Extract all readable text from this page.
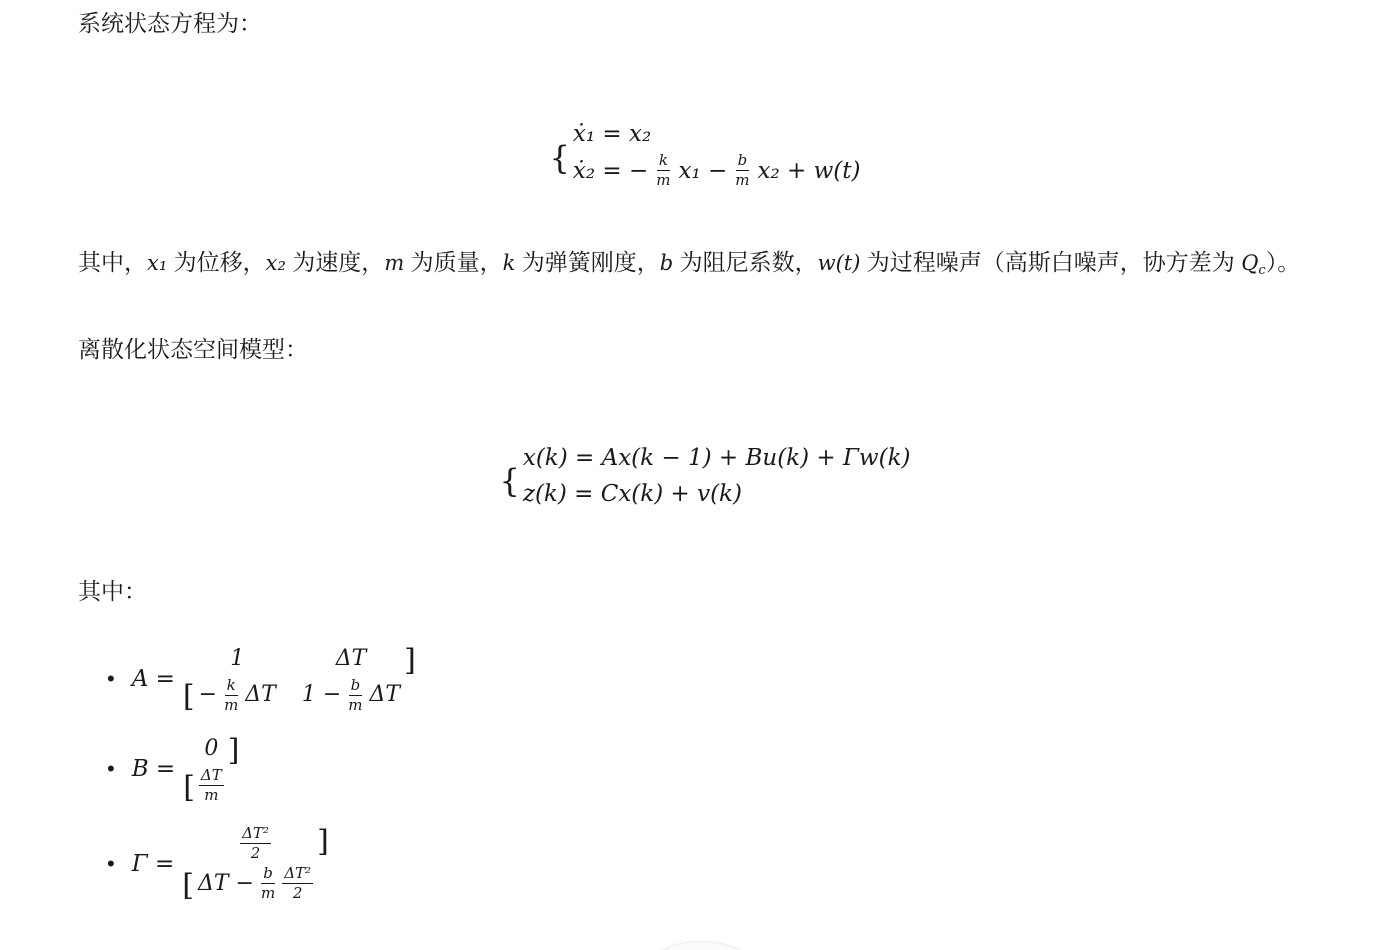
系统状态方程为：

{
ẋ₁ = x₂
ẋ₂ = − $\frac{k}{m} x_1 - \frac{b}{m} x_2 + w(t)$

其中，x₁ 为位移，x₂ 为速度，m 为质量，k 为弹簧刚度，b 为阻尼系数，w(t) 为过程噪声（高斯白噪声，协方差为 $Q_c$）。

离散化状态空间模型：

{
x(k) = Ax(k − 1) + Bu(k) + Γw(k)
z(k) = Cx(k) + v(k)

其中：

• A =
[
1	ΔT
− $\frac{k}{m}$ ΔT $1 - \frac{b}{m}$ ΔT
]
• B =
[
0
$\frac{\Delta T}{m}$
]
• Γ =
[
$\frac{\text{ΔT²}}{2}$
$\Delta T - \frac{b}{m} \frac{\text{ΔT²}}{2}$
]
